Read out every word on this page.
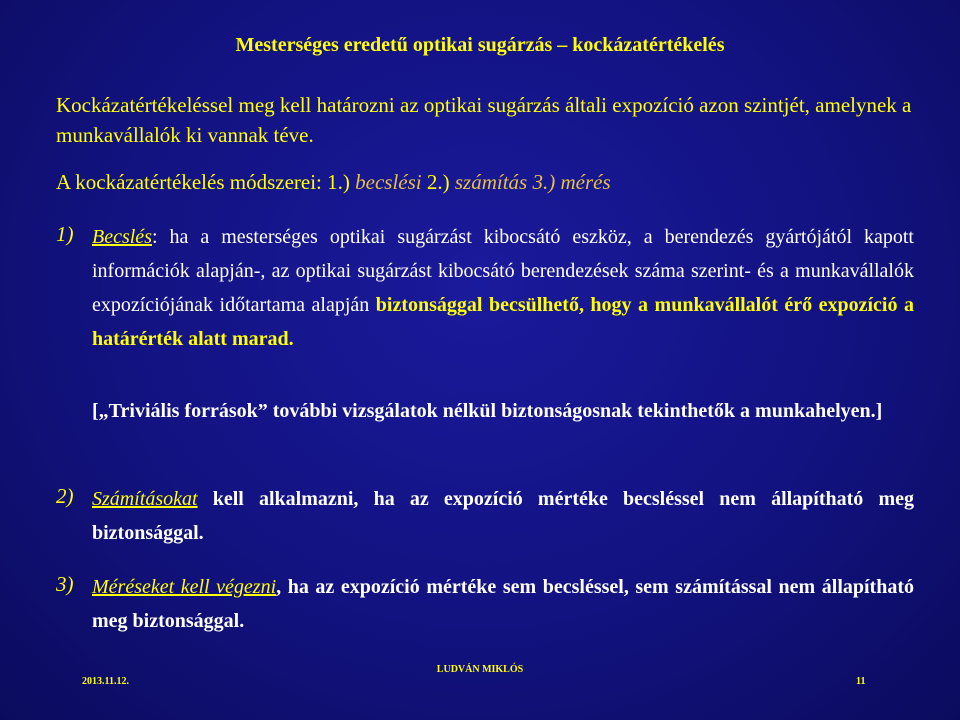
Mesterséges eredetű optikai sugárzás – kockázatértékelés
Kockázatértékeléssel meg kell határozni az optikai sugárzás általi expozíció azon szintjét, amelynek a munkavállalók ki vannak téve.
A kockázatértékelés módszerei: 1.) becslési 2.) számítás 3.) mérés
1) Becslés: ha a mesterséges optikai sugárzást kibocsátó eszköz, a berendezés gyártójától kapott információk alapján-, az optikai sugárzást kibocsátó berendezések száma szerint- és a munkavállalók expozíciójának időtartama alapján biztonsággal becsülhető, hogy a munkavállalót érő expozíció a határérték alatt marad.
[„Triviális források” további vizsgálatok nélkül biztonságosnak tekinthetők a munkahelyen.]
2) Számításokat kell alkalmazni, ha az expozíció mértéke becsléssel nem állapítható meg biztonsággal.
3) Méréseket kell végezni, ha az expozíció mértéke sem becsléssel, sem számítással nem állapítható meg biztonsággal.
2013.11.12.
LUDVÁN MIKLÓS
11
